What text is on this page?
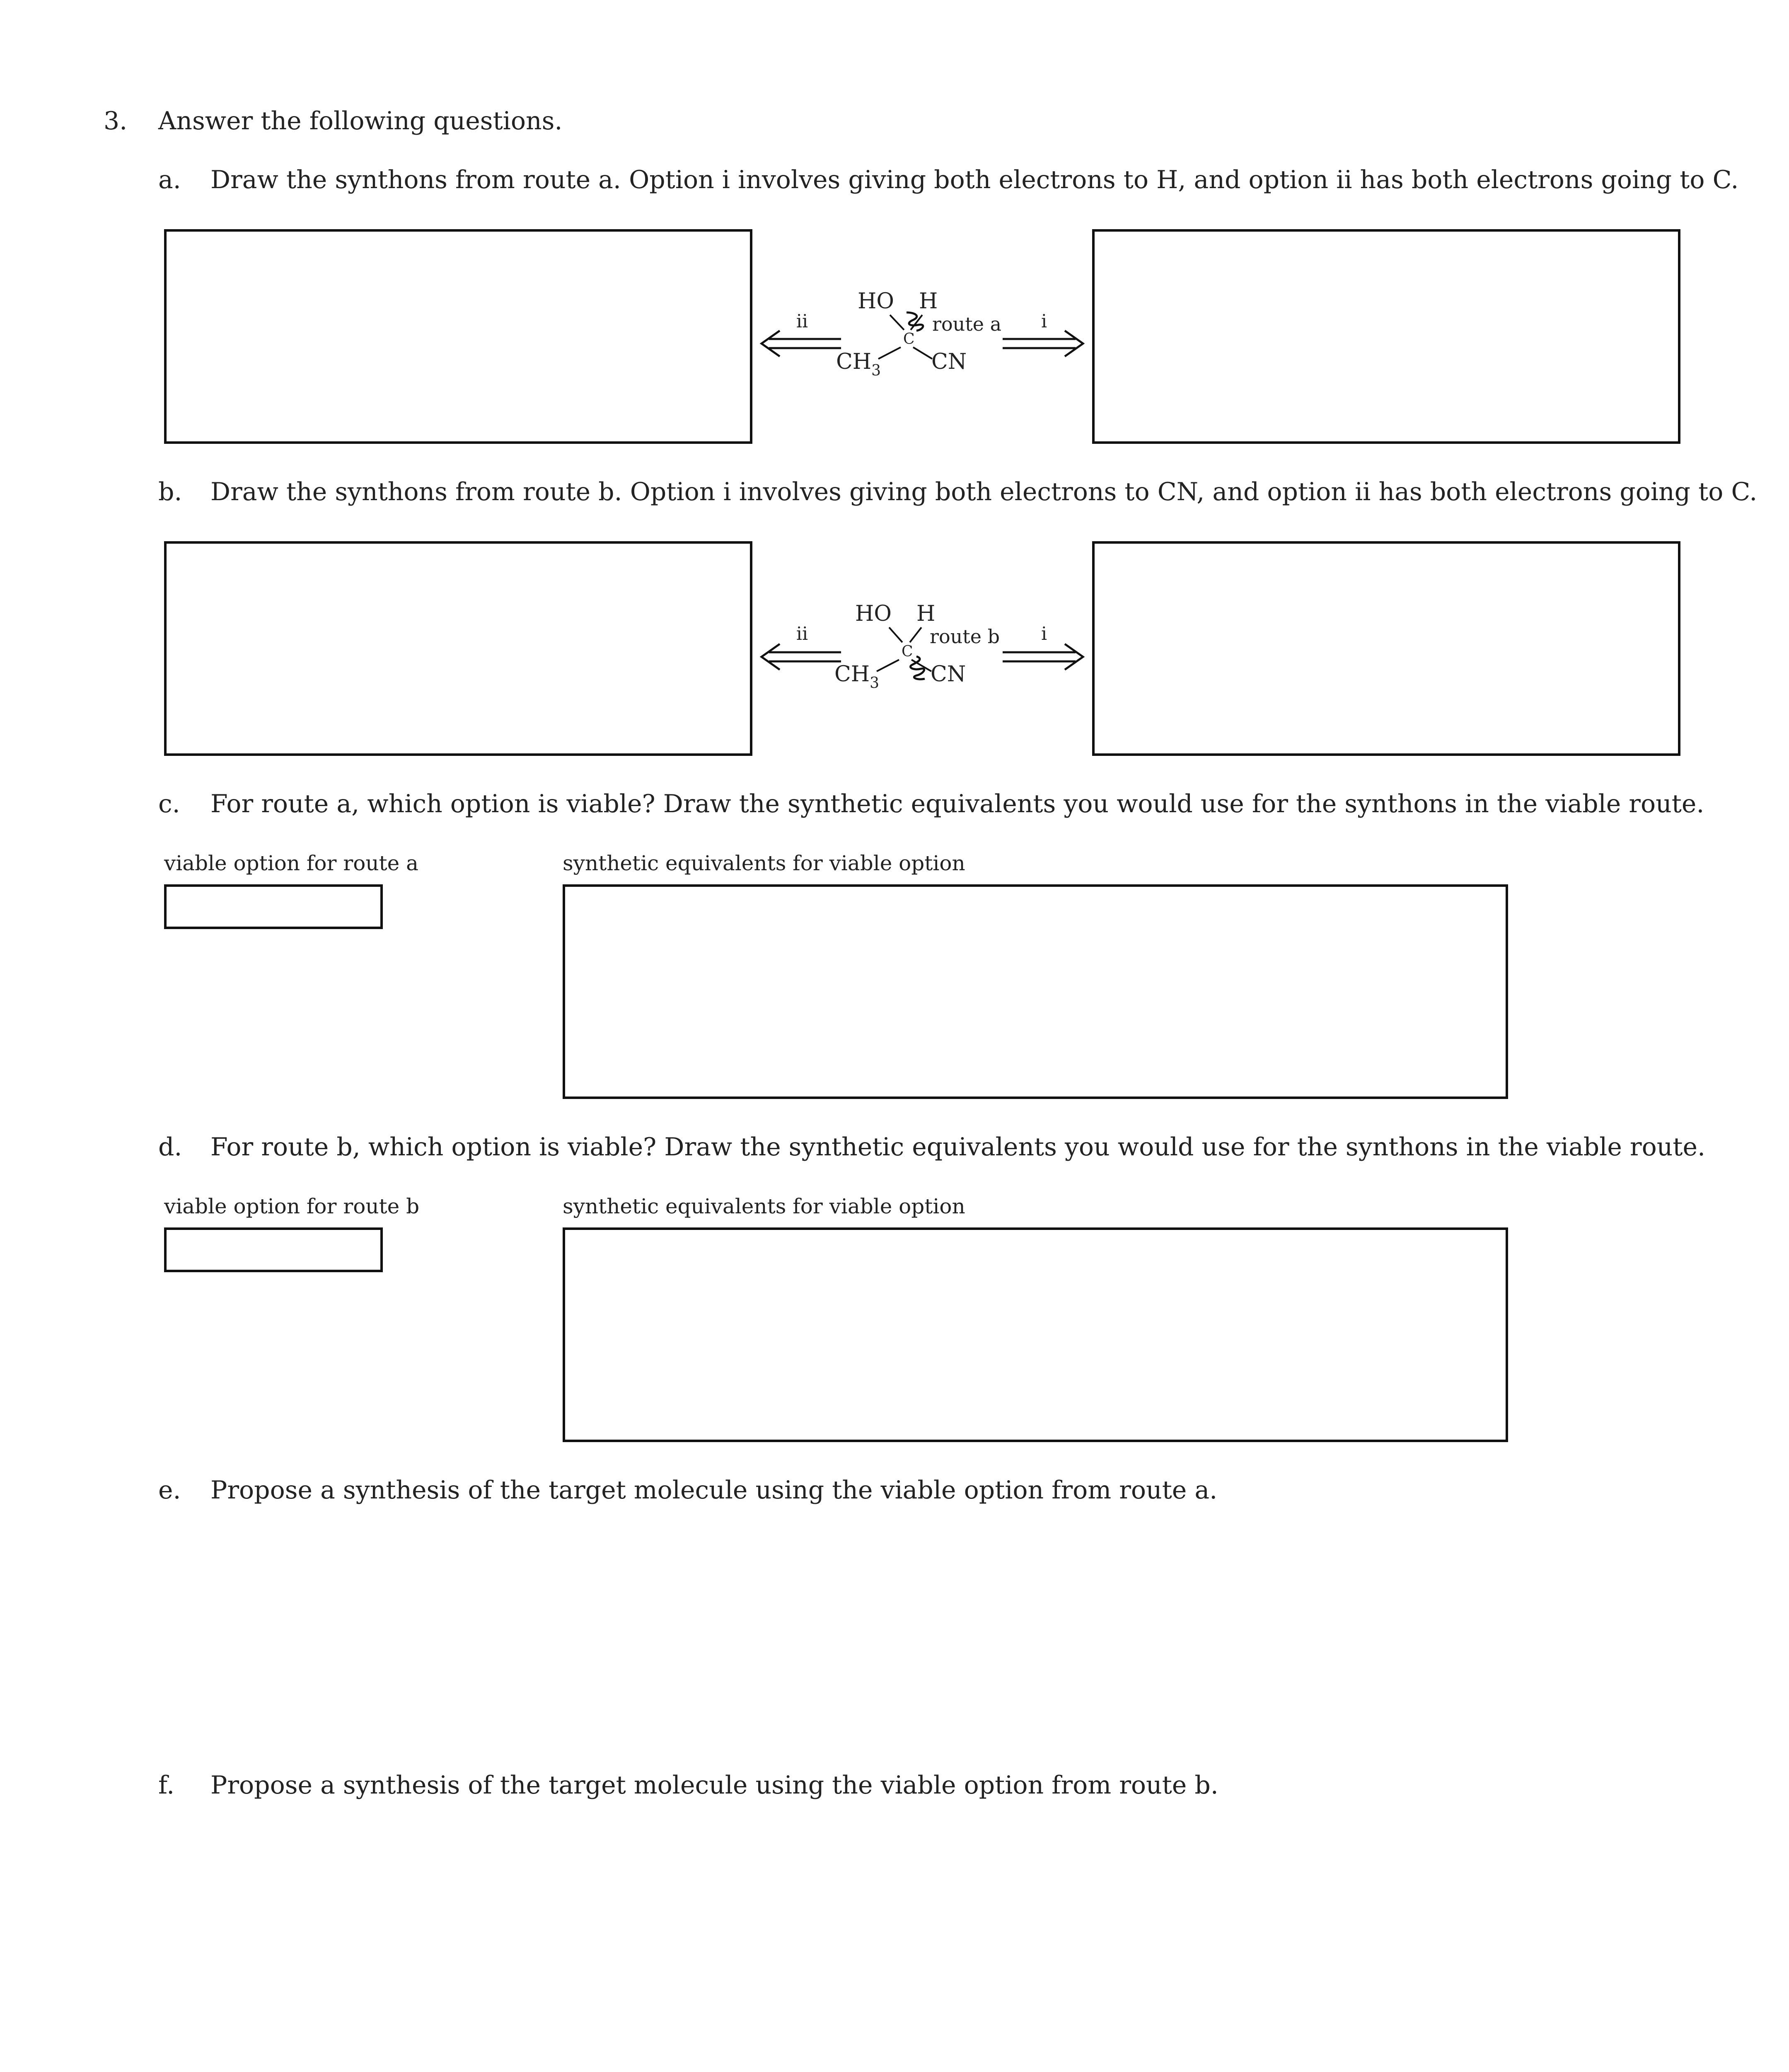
3. Answer the following questions.
a. Draw the synthons from route a. Option i involves giving both electrons to H, and option ii has both electrons going to C.
ii	i
HO H
C
route a
$CH_3$ CN
b. Draw the synthons from route b. Option i involves giving both electrons to CN, and option ii has both electrons going to C.
ii	i
HO H
C
route b
$CH_3$ CN
c. For route a, which option is viable? Draw the synthetic equivalents you would use for the synthons in the viable route.
viable option for route a	synthetic equivalents for viable option
d. For route b, which option is viable? Draw the synthetic equivalents you would use for the synthons in the viable route.
viable option for route b	synthetic equivalents for viable option
e. Propose a synthesis of the target molecule using the viable option from route a.
f. Propose a synthesis of the target molecule using the viable option from route b.
